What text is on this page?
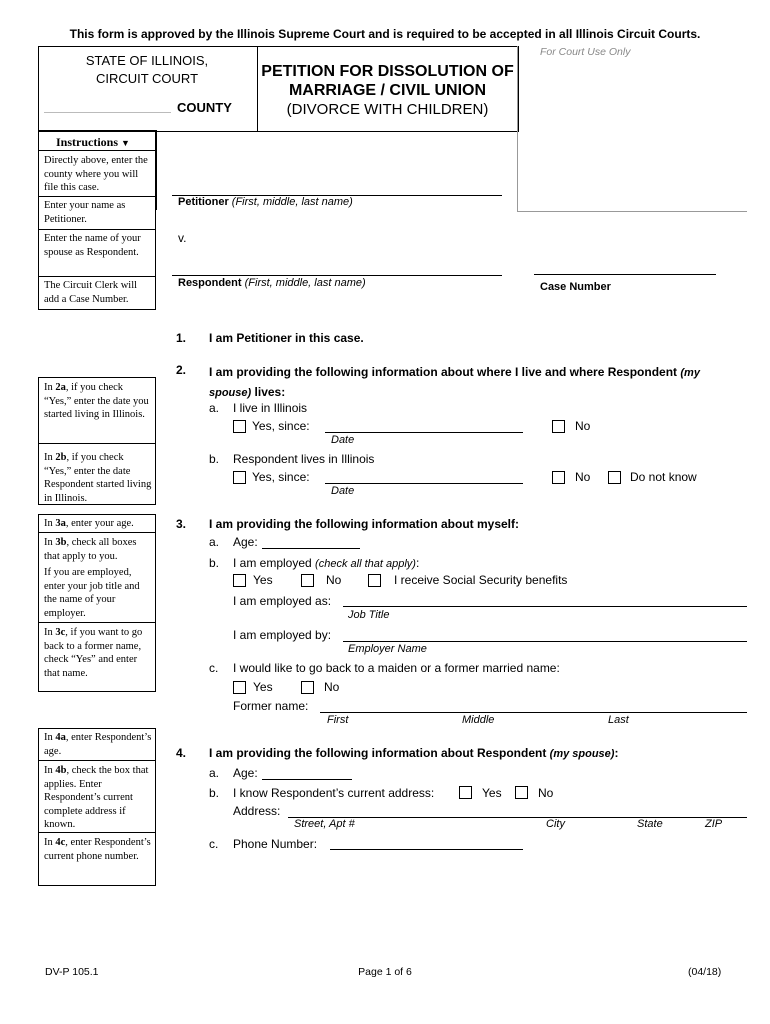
This form is approved by the Illinois Supreme Court and is required to be accepted in all Illinois Circuit Courts.
STATE OF ILLINOIS,
CIRCUIT COURT
COUNTY
PETITION FOR DISSOLUTION OF
MARRIAGE / CIVIL UNION
(DIVORCE WITH CHILDREN)
For Court Use Only
Instructions ▼
Directly above, enter the county where you will file this case.
Enter your name as Petitioner.
Enter the name of your spouse as Respondent.
The Circuit Clerk will add a Case Number.
Petitioner (First, middle, last name)
v.
Respondent (First, middle, last name)	Case Number
1. I am Petitioner in this case.
In 2a, if you check “Yes,” enter the date you started living in Illinois.
In 2b, if you check “Yes,” enter the date Respondent started living in Illinois.
2. I am providing the following information about where I live and where Respondent (my
spouse) lives:
a. I live in Illinois
Yes, since:
Date
No
b. Respondent lives in Illinois
Yes, since:
Date
No	Do not know
In 3a, enter your age.
In 3b, check all boxes that apply to you.
If you are employed, enter your job title and the name of your employer.
In 3c, if you want to go back to a former name, check “Yes” and enter that name.
3. I am providing the following information about myself:
a. Age:
b. I am employed (check all that apply):
Yes	No	I receive Social Security benefits
I am employed as:
Job Title
I am employed by:
Employer Name
c. I would like to go back to a maiden or a former married name:
Yes	No
Former name:
First	Middle	Last
In 4a, enter Respondent’s age.
In 4b, check the box that applies. Enter Respondent’s current complete address if known.
In 4c, enter Respondent’s current phone number.
4. I am providing the following information about Respondent (my spouse):
a. Age:
b. I know Respondent’s current address:	Yes	No
Address:
Street, Apt #	City	State	ZIP
c. Phone Number:
DV-P 105.1	Page 1 of 6	(04/18)
